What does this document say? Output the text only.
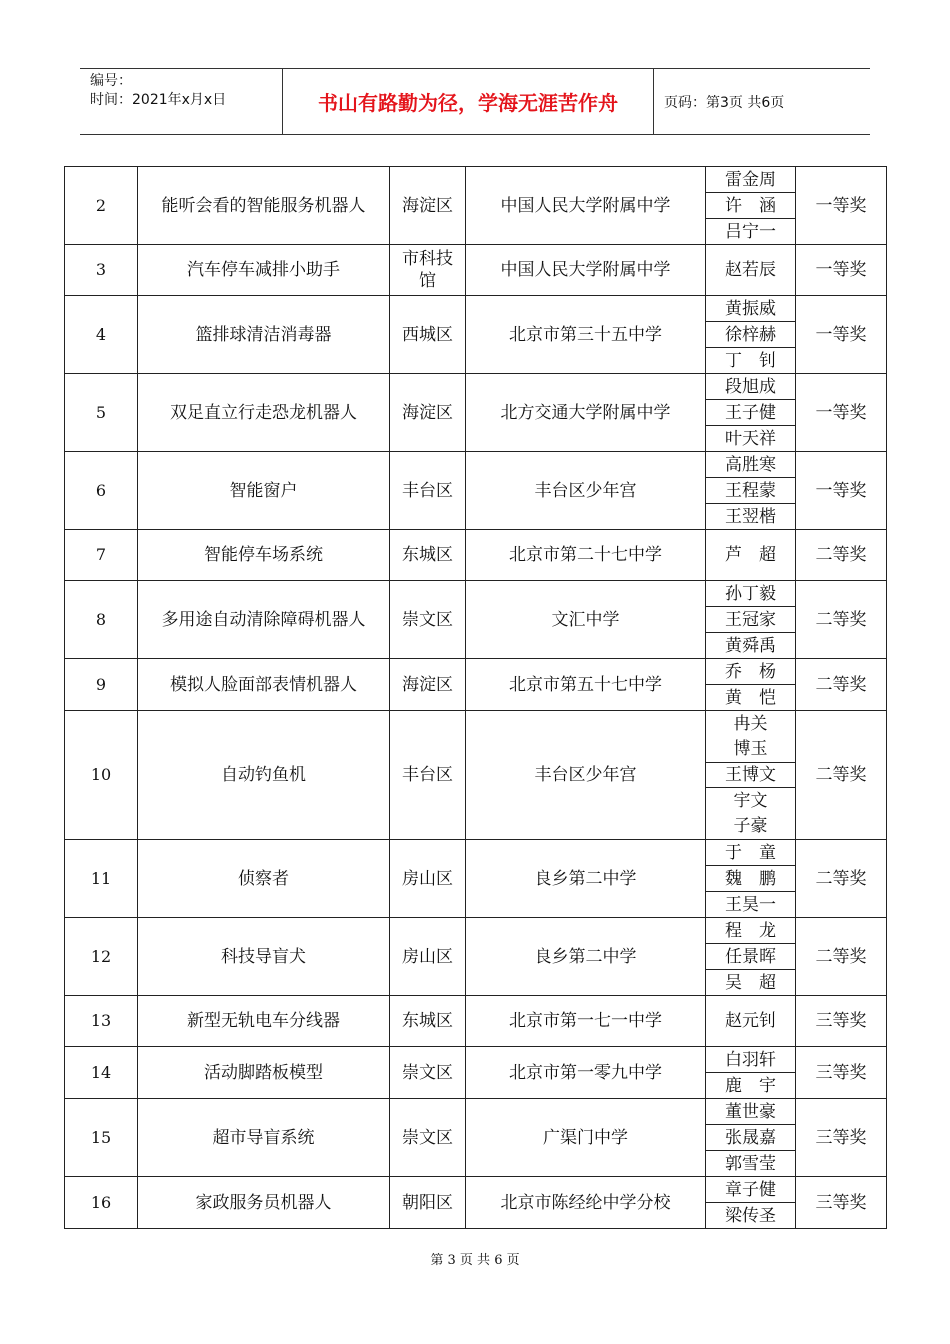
编号：
时间：2021年x月x日	书山有路勤为径，学海无涯苦作舟	页码：第3页 共6页
2	能听会看的智能服务机器人	海淀区	中国人民大学附属中学	雷金周	一等奖
				许　涵	
				吕宁一	
3	汽车停车减排小助手	市科技馆	中国人民大学附属中学	赵若辰	一等奖
4	篮排球清洁消毒器	西城区	北京市第三十五中学	黄振威	一等奖
				徐梓赫	
				丁　钊	
5	双足直立行走恐龙机器人	海淀区	北方交通大学附属中学	段旭成	一等奖
				王子健	
				叶天祥	
6	智能窗户	丰台区	丰台区少年宫	高胜寒	一等奖
				王程蒙	
				王翌楷	
7	智能停车场系统	东城区	北京市第二十七中学	芦　超	二等奖
8	多用途自动清除障碍机器人	崇文区	文汇中学	孙丁毅	二等奖
				王冠家	
				黄舜禹	
9	模拟人脸面部表情机器人	海淀区	北京市第五十七中学	乔　杨	二等奖
				黄　恺	
10	自动钓鱼机	丰台区	丰台区少年宫	冉关博玉	二等奖
				王博文	
				宇文子豪	
11	侦察者	房山区	良乡第二中学	于　童	二等奖
				魏　鹏	
				王昊一	
12	科技导盲犬	房山区	良乡第二中学	程　龙	二等奖
				任景晖	
				吴　超	
13	新型无轨电车分线器	东城区	北京市第一七一中学	赵元钊	三等奖
14	活动脚踏板模型	崇文区	北京市第一零九中学	白羽轩	三等奖
				鹿　宇	
15	超市导盲系统	崇文区	广渠门中学	董世豪	三等奖
				张晟嘉	
				郭雪莹	
16	家政服务员机器人	朝阳区	北京市陈经纶中学分校	章子健	三等奖
				梁传圣	
第 3 页 共 6 页
